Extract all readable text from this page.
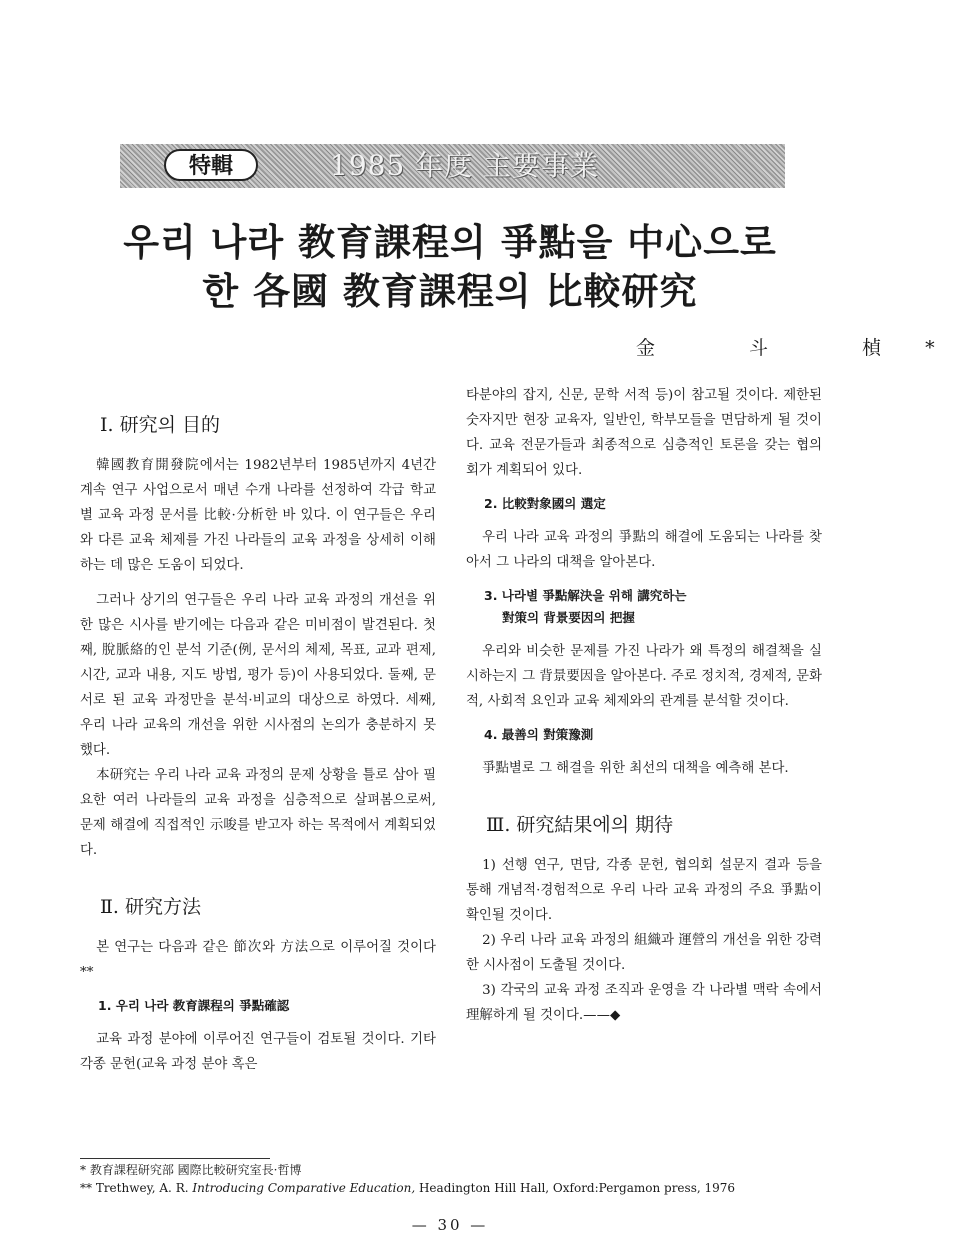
特輯	1985 年度 主要事業
우리 나라 教育課程의 爭點을 中心으로
한 各國 教育課程의 比較研究
金 斗 楨*
Ⅰ. 研究의 目的

韓國教育開發院에서는 1982년부터 1985년까지 4년간 계속 연구 사업으로서 매년 수개 나라를 선정하여 각급 학교별 교육 과정 문서를 比較·分析한 바 있다. 이 연구들은 우리와 다른 교육 체제를 가진 나라들의 교육 과정을 상세히 이해하는 데 많은 도움이 되었다.

그러나 상기의 연구들은 우리 나라 교육 과정의 개선을 위한 많은 시사를 받기에는 다음과 같은 미비점이 발견된다. 첫째, 脫脈絡的인 분석 기준(例, 문서의 체제, 목표, 교과 편제, 시간, 교과 내용, 지도 방법, 평가 등)이 사용되었다. 둘째, 문서로 된 교육 과정만을 분석·비교의 대상으로 하였다. 세째, 우리 나라 교육의 개선을 위한 시사점의 논의가 충분하지 못했다.

本研究는 우리 나라 교육 과정의 문제 상황을 틀로 삼아 필요한 여러 나라들의 교육 과정을 심층적으로 살펴봄으로써, 문제 해결에 직접적인 示唆를 받고자 하는 목적에서 계획되었다.

Ⅱ. 研究方法

본 연구는 다음과 같은 節次와 方法으로 이루어질 것이다**

1. 우리 나라 教育課程의 爭點確認

교육 과정 분야에 이루어진 연구들이 검토될 것이다. 기타 각종 문헌(교육 과정 분야 혹은

타분야의 잡지, 신문, 문학 서적 등)이 참고될 것이다. 제한된 숫자지만 현장 교육자, 일반인, 학부모들을 면담하게 될 것이다. 교육 전문가들과 최종적으로 심층적인 토론을 갖는 협의회가 계획되어 있다.

2. 比較對象國의 選定

우리 나라 교육 과정의 爭點의 해결에 도움되는 나라를 찾아서 그 나라의 대책을 알아본다.

3. 나라별 爭點解決을 위해 講究하는
對策의 背景要因의 把握

우리와 비슷한 문제를 가진 나라가 왜 특정의 해결책을 실시하는지 그 背景要因을 알아본다. 주로 정치적, 경제적, 문화적, 사회적 요인과 교육 체제와의 관계를 분석할 것이다.

4. 最善의 對策豫測

爭點별로 그 해결을 위한 최선의 대책을 예측해 본다.

Ⅲ. 研究結果에의 期待

1) 선행 연구, 면담, 각종 문헌, 협의회 설문지 결과 등을 통해 개념적·경험적으로 우리 나라 교육 과정의 주요 爭點이 확인될 것이다.

2) 우리 나라 교육 과정의 組織과 運營의 개선을 위한 강력한 시사점이 도출될 것이다.

3) 각국의 교육 과정 조직과 운영을 각 나라별 맥락 속에서 理解하게 될 것이다.——◆

* 教育課程研究部 國際比較研究室長·哲博
** Trethwey, A. R. Introducing Comparative Education, Headington Hill Hall, Oxford:Pergamon press, 1976
— 30 —
